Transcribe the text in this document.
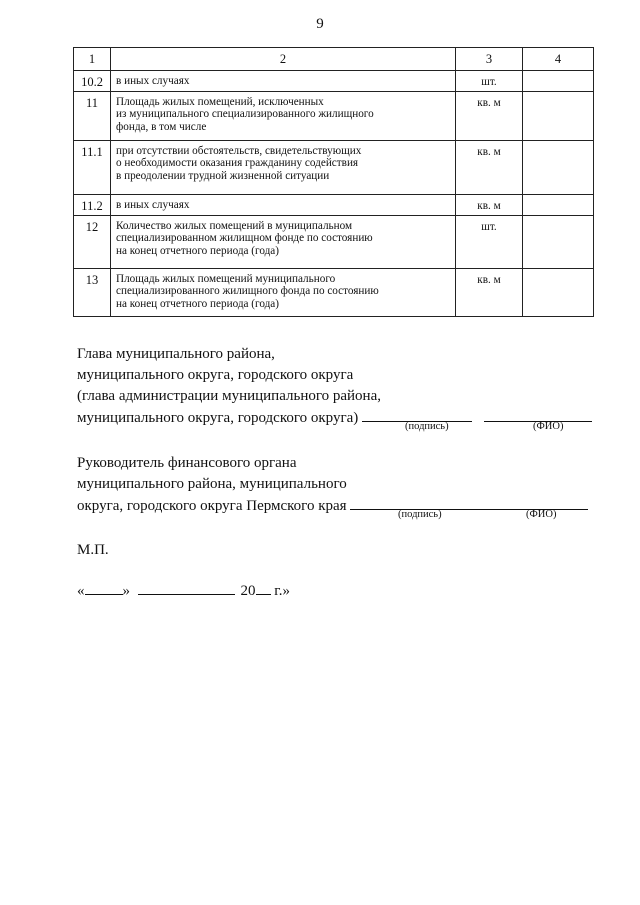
9
1	2	3	4
10.2	в иных случаях	шт.	
11	Площадь жилых помещений, исключенных
из муниципального специализированного жилищного
фонда, в том числе	кв. м	
11.1	при отсутствии обстоятельств, свидетельствующих
о необходимости оказания гражданину содействия
в преодолении трудной жизненной ситуации	кв. м	
11.2	в иных случаях	кв. м	
12	Количество жилых помещений в муниципальном
специализированном жилищном фонде по состоянию
на конец отчетного периода (года)	шт.	
13	Площадь жилых помещений муниципального
специализированного жилищного фонда по состоянию
на конец отчетного периода (года)	кв. м	
Глава муниципального района,
муниципального округа, городского округа
(глава администрации муниципального района,
муниципального округа, городского округа)
(подпись)	(ФИО)
Руководитель финансового органа
муниципального района, муниципального
округа, городского округа Пермского края
(подпись)	(ФИО)
М.П.
«	»	20 г.»
